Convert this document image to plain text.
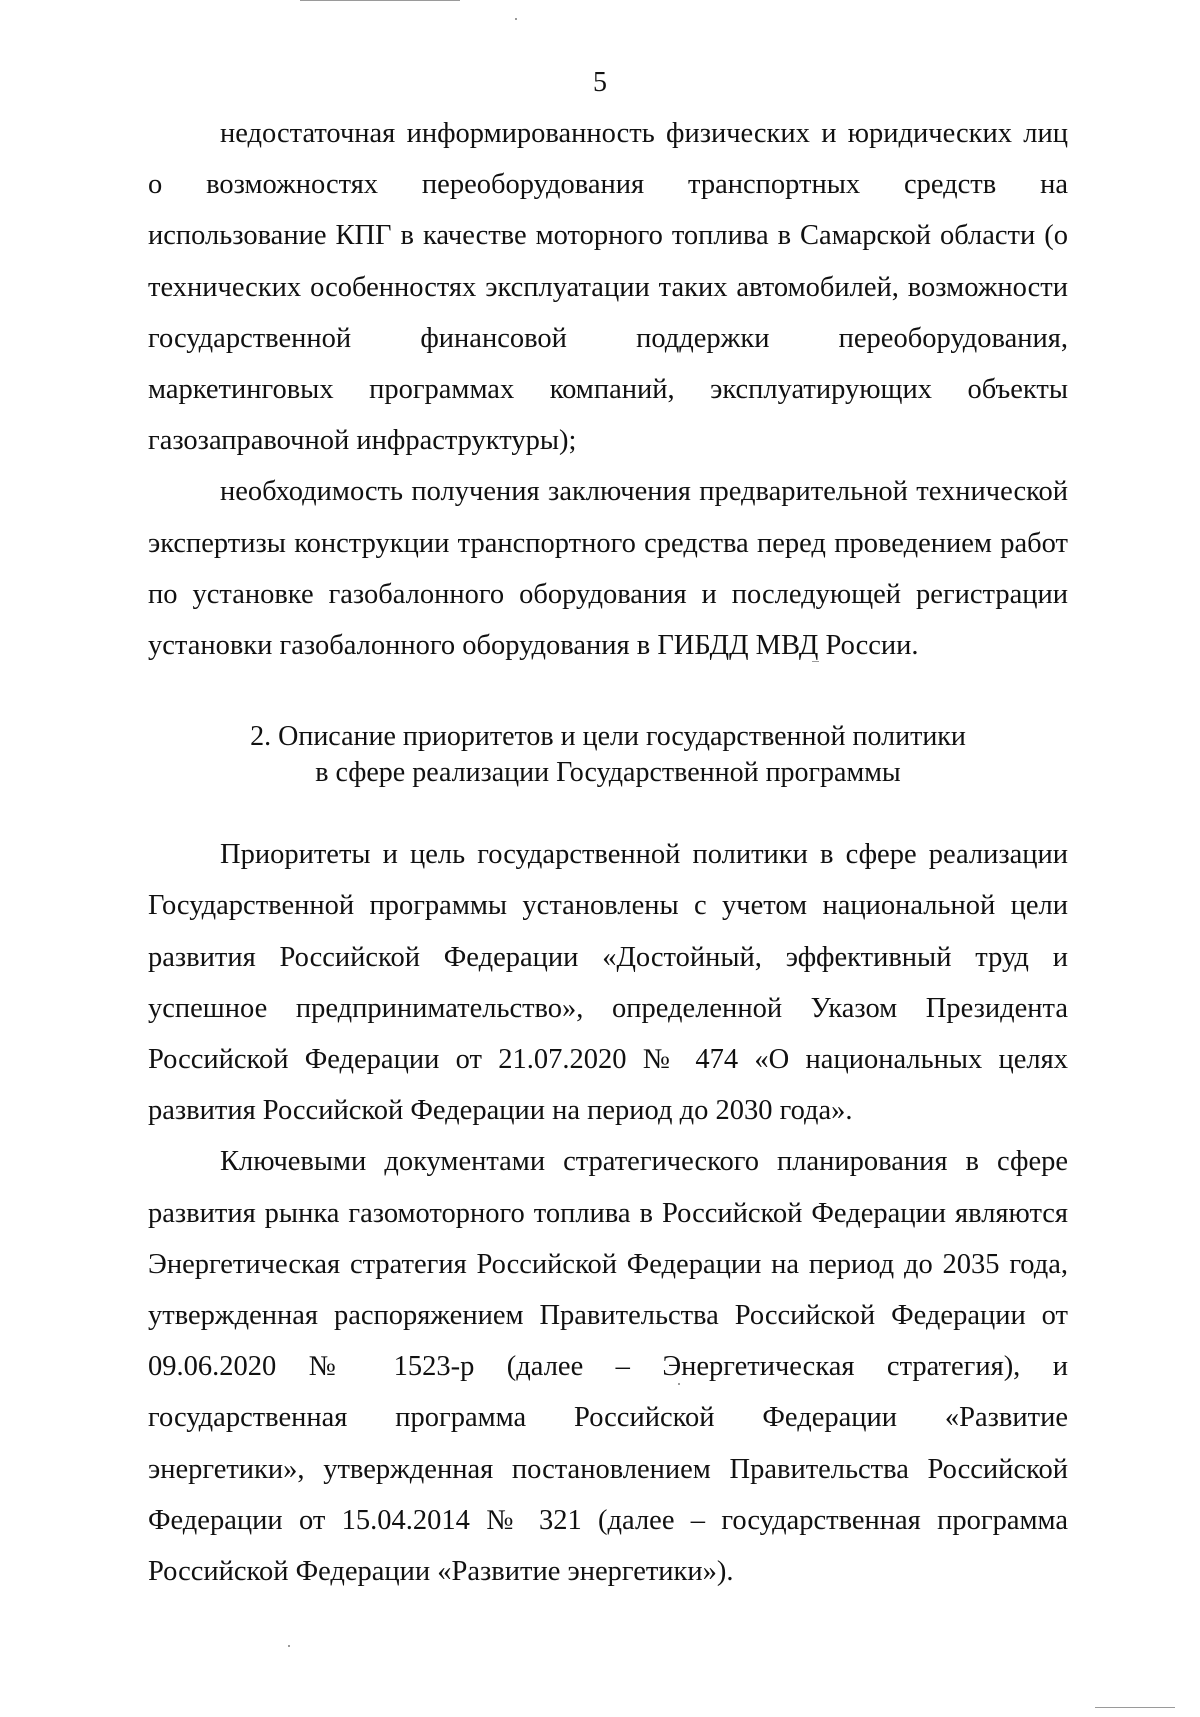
5

недостаточная информированность физических и юридических лиц о возможностях переоборудования транспортных средств на использование КПГ в качестве моторного топлива в Самарской области (о технических особенностях эксплуатации таких автомобилей, возможности государственной финансовой поддержки переоборудования, маркетинговых программах компаний, эксплуатирующих объекты газозаправочной инфраструктуры);

необходимость получения заключения предварительной технической экспертизы конструкции транспортного средства перед проведением работ по установке газобалонного оборудования и последующей регистрации установки газобалонного оборудования в ГИБДД МВД России.

2. Описание приоритетов и цели государственной политики
в сфере реализации Государственной программы

Приоритеты и цель государственной политики в сфере реализации Государственной программы установлены с учетом национальной цели развития Российской Федерации «Достойный, эффективный труд и успешное предпринимательство», определенной Указом Президента Российской Федерации от 21.07.2020 № 474 «О национальных целях развития Российской Федерации на период до 2030 года».

Ключевыми документами стратегического планирования в сфере развития рынка газомоторного топлива в Российской Федерации являются Энергетическая стратегия Российской Федерации на период до 2035 года, утвержденная распоряжением Правительства Российской Федерации от 09.06.2020 № 1523-р (далее – Энергетическая стратегия), и государственная программа Российской Федерации «Развитие энергетики», утвержденная постановлением Правительства Российской Федерации от 15.04.2014 № 321 (далее – государственная программа Российской Федерации «Развитие энергетики»).
